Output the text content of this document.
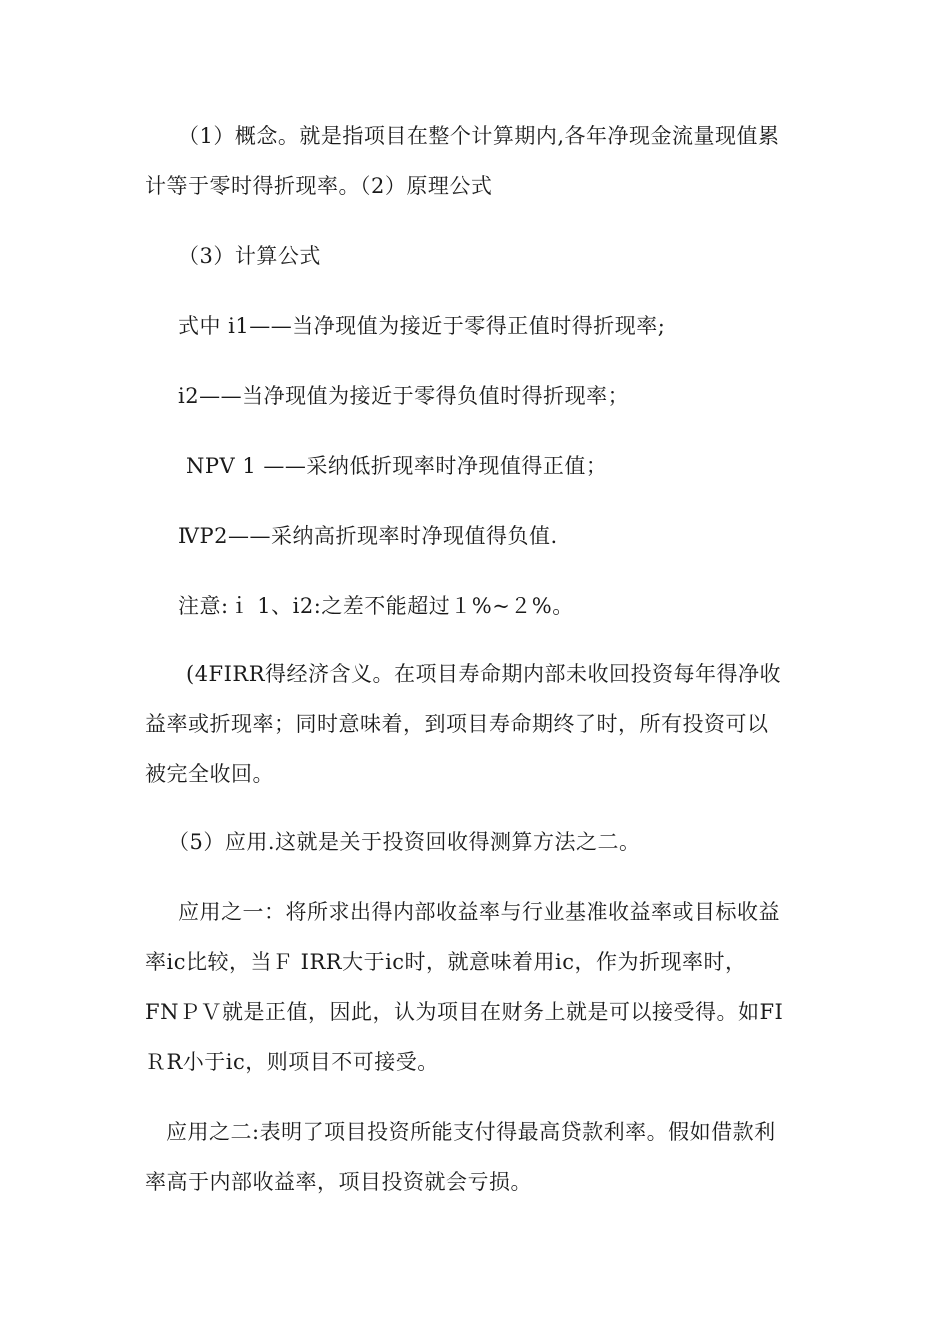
（1）概念。就是指项目在整个计算期内,各年净现金流量现值累
计等于零时得折现率。（2）原理公式
（3）计算公式
式中 i1——当净现值为接近于零得正值时得折现率;
i2——当净现值为接近于零得负值时得折现率；
NPV 1 ——采纳低折现率时净现值得正值；
ⅣP2——采纳高折现率时净现值得负值.
注意:ｉ 1、i2:之差不能超过１%~２%。
(4FIRR得经济含义。在项目寿命期内部未收回投资每年得净收
益率或折现率；同时意味着，到项目寿命期终了时，所有投资可以
被完全收回。
（5）应用.这就是关于投资回收得测算方法之二。
应用之一：将所求出得内部收益率与行业基准收益率或目标收益
率ic比较，当Ｆ IRR大于ic时，就意味着用ic，作为折现率时，
FNＰＶ就是正值，因此，认为项目在财务上就是可以接受得。如FI
ＲR小于ic，则项目不可接受。
应用之二:表明了项目投资所能支付得最高贷款利率。假如借款利
率高于内部收益率，项目投资就会亏损。
